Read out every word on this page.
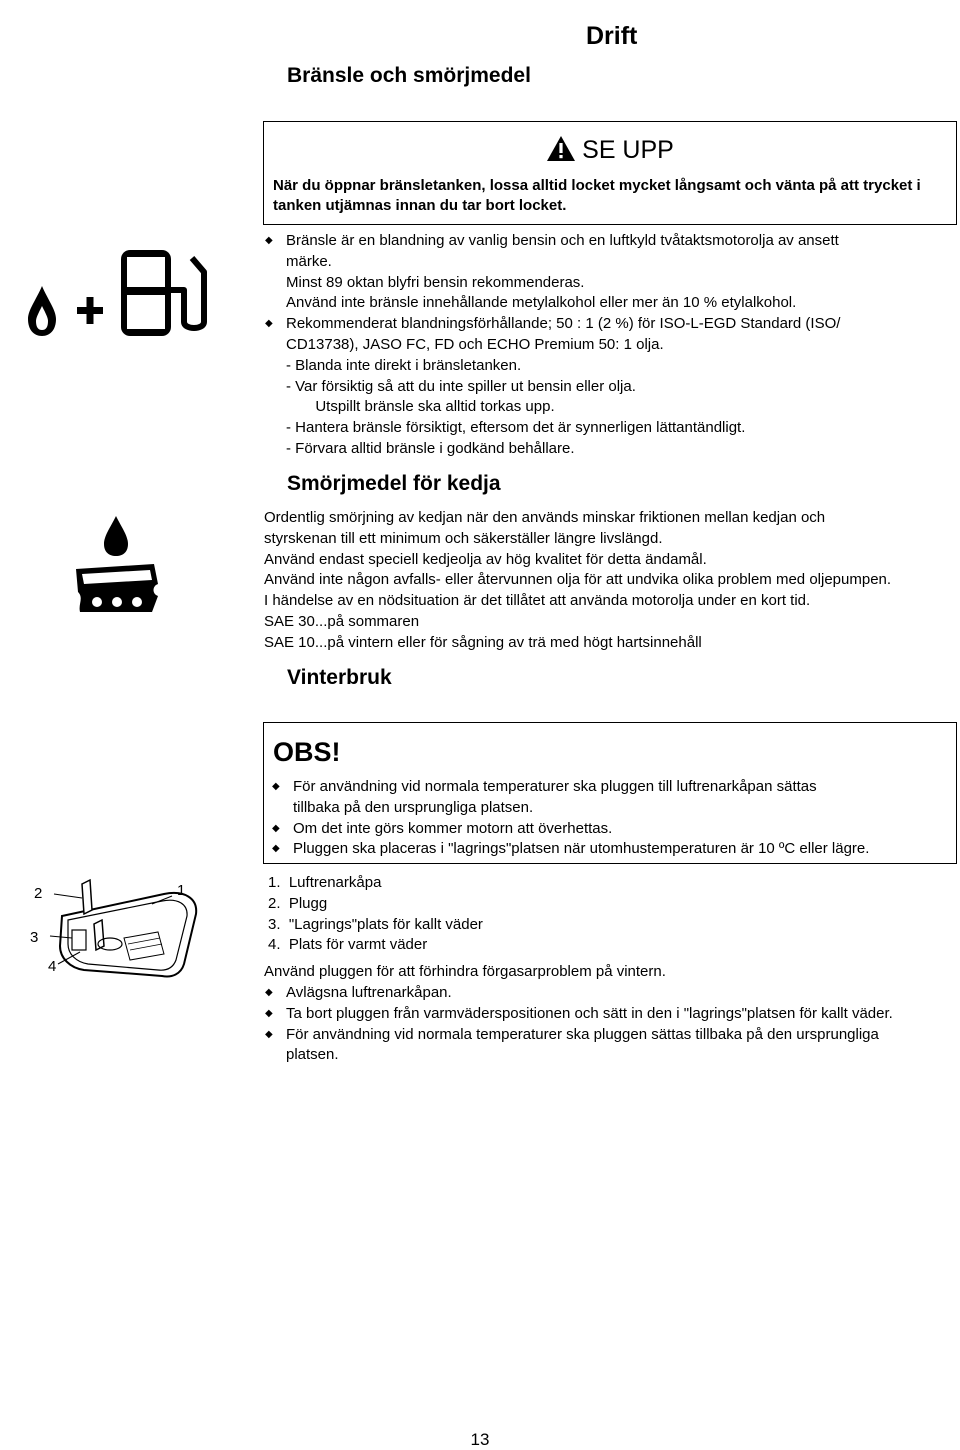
Drift
Bränsle och smörjmedel
SE UPP
När du öppnar bränsletanken, lossa alltid locket mycket långsamt och vänta på att trycket i tanken utjämnas innan du tar bort locket.
◆ Bränsle är en blandning av vanlig bensin och en luftkyld tvåtaktsmotorolja av ansett
märke.
Minst 89 oktan blyfri bensin rekommenderas.
Använd inte bränsle innehållande metylalkohol eller mer än 10 % etylalkohol.
◆ Rekommenderat blandningsförhållande; 50 : 1 (2 %) för ISO-L-EGD Standard (ISO/
CD13738), JASO FC, FD och ECHO Premium 50: 1 olja.
- Blanda inte direkt i bränsletanken.
- Var försiktig så att du inte spiller ut bensin eller olja.
Utspillt bränsle ska alltid torkas upp.
- Hantera bränsle försiktigt, eftersom det är synnerligen lättantändligt.
- Förvara alltid bränsle i godkänd behållare.
Smörjmedel för kedja
Ordentlig smörjning av kedjan när den används minskar friktionen mellan kedjan och
styrskenan till ett minimum och säkerställer längre livslängd.
Använd endast speciell kedjeolja av hög kvalitet för detta ändamål.
Använd inte någon avfalls- eller återvunnen olja för att undvika olika problem med oljepumpen.
I händelse av en nödsituation är det tillåtet att använda motorolja under en kort tid.
SAE 30...på sommaren
SAE 10...på vintern eller för sågning av trä med högt hartsinnehåll
Vinterbruk
OBS!
◆ För användning vid normala temperaturer ska pluggen till luftrenarkåpan sättas
tillbaka på den ursprungliga platsen.
◆ Om det inte görs kommer motorn att överhettas.
◆ Pluggen ska placeras i "lagrings"platsen när utomhustemperaturen är 10 ºC eller lägre.
2
3
4
1	1.  Luftrenarkåpa
2.  Plugg
3.  "Lagrings"plats för kallt väder
4.  Plats för varmt väder
Använd pluggen för att förhindra förgasarproblem på vintern.
◆ Avlägsna luftrenarkåpan.
◆ Ta bort pluggen från varmväderspositionen och sätt in den i "lagrings"platsen för kallt väder.
◆ För användning vid normala temperaturer ska pluggen sättas tillbaka på den ursprungliga
platsen.
13
